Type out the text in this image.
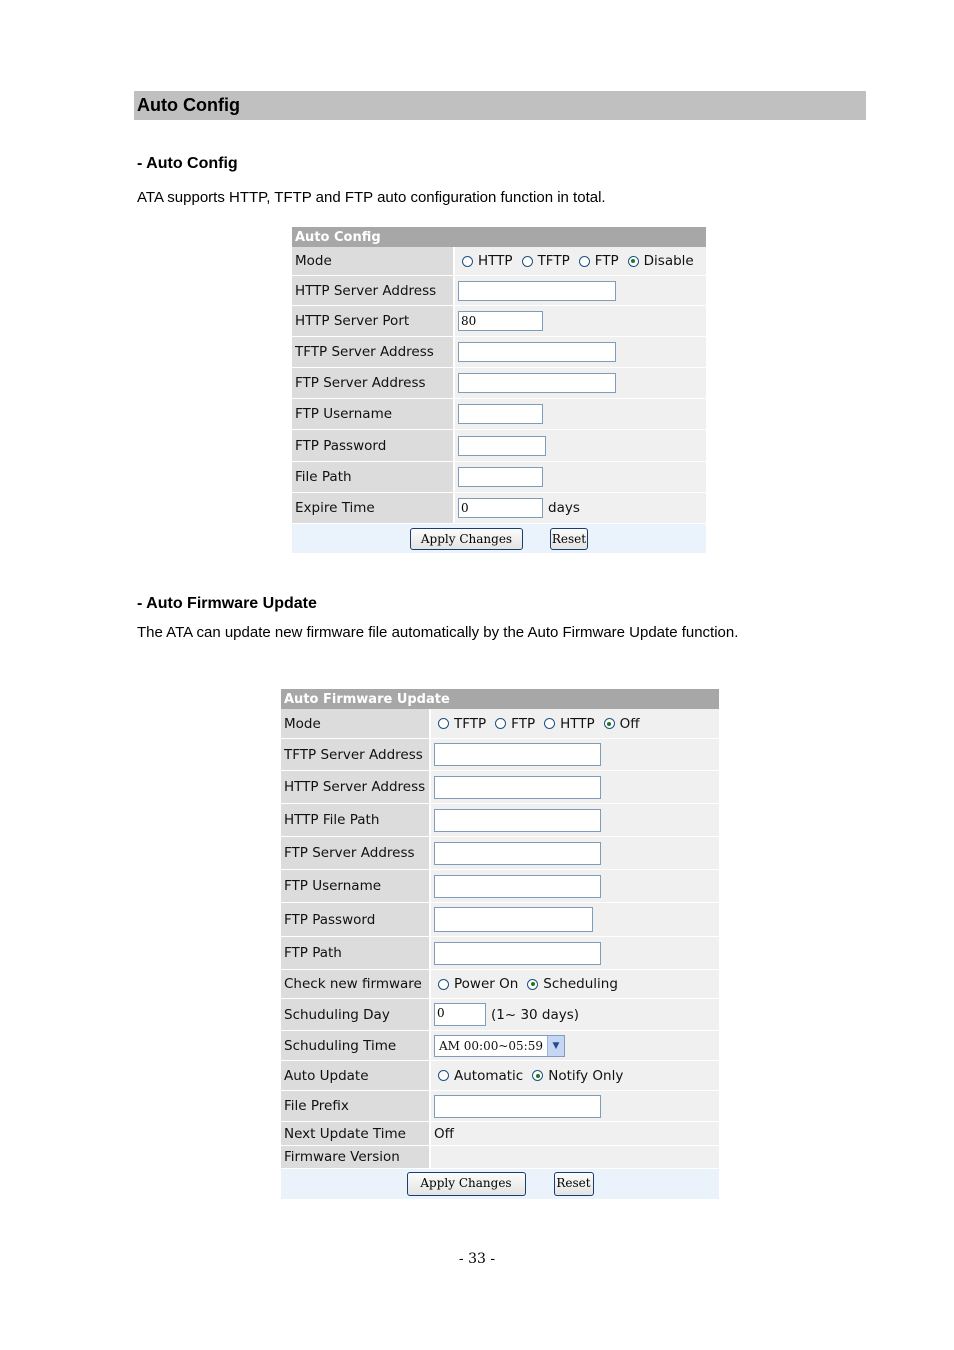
Auto Config
- Auto Config
ATA supports HTTP, TFTP and FTP auto configuration function in total.
Auto Config
Mode	HTTP TFTP FTP Disable
HTTP Server Address
HTTP Server Port	80
TFTP Server Address
FTP Server Address
FTP Username
FTP Password
File Path
Expire Time	0	days
Apply Changes	Reset
- Auto Firmware Update
The ATA can update new firmware file automatically by the Auto Firmware Update function.
Auto Firmware Update
Mode	TFTP FTP HTTP Off
TFTP Server Address
HTTP Server Address
HTTP File Path
FTP Server Address
FTP Username
FTP Password
FTP Path
Check new firmware	Power On Scheduling
Schuduling Day	0	(1~ 30 days)
Schuduling Time	AM 00:00~05:59	▼
Auto Update	Automatic Notify Only
File Prefix
Next Update Time	Off
Firmware Version
Apply Changes	Reset
- 33 -
